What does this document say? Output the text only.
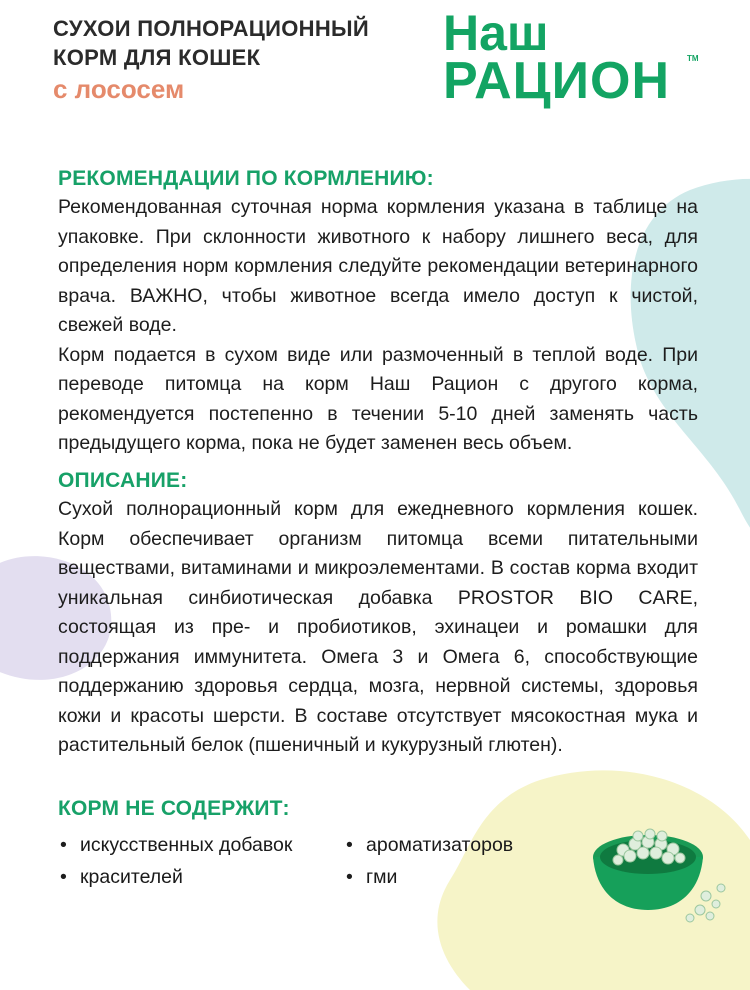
СУХОИ ПОЛНОРАЦИОННЫЙ
КОРМ ДЛЯ КОШЕК
с лососем
Наш
РАЦИОН TM
РЕКОМЕНДАЦИИ ПО КОРМЛЕНИЮ:

Рекомендованная суточная норма кормления указана в таблице на упаковке. При склонности животного к набору лишнего веса, для определения норм кормления следуйте рекомендации ветеринарного врача. ВАЖНО, чтобы животное всегда имело доступ к чистой, свежей воде.

Корм подается в сухом виде или размоченный в теплой воде. При переводе питомца на корм Наш Рацион с другого корма, рекомендуется постепенно в течении 5-10 дней заменять часть предыдущего корма, пока не будет заменен весь объем.

ОПИСАНИЕ:

Сухой полнорационный корм для ежедневного кормления кошек. Корм обеспечивает организм питомца всеми питательными веществами, витаминами и микроэлементами. В состав корма входит уникальная синбиотическая добавка PROSTOR BIO CARE, состоящая из пре- и пробиотиков, эхинацеи и ромашки для поддержания иммунитета. Омега 3 и Омега 6, способствующие поддержанию здоровья сердца, мозга, нервной системы, здоровья кожи и красоты шерсти. В составе отсутствует мясокостная мука и растительный белок (пшеничный и кукурузный глютен).

КОРМ НЕ СОДЕРЖИТ:
• искусственных добавок
• красителей
• ароматизаторов
• гми
